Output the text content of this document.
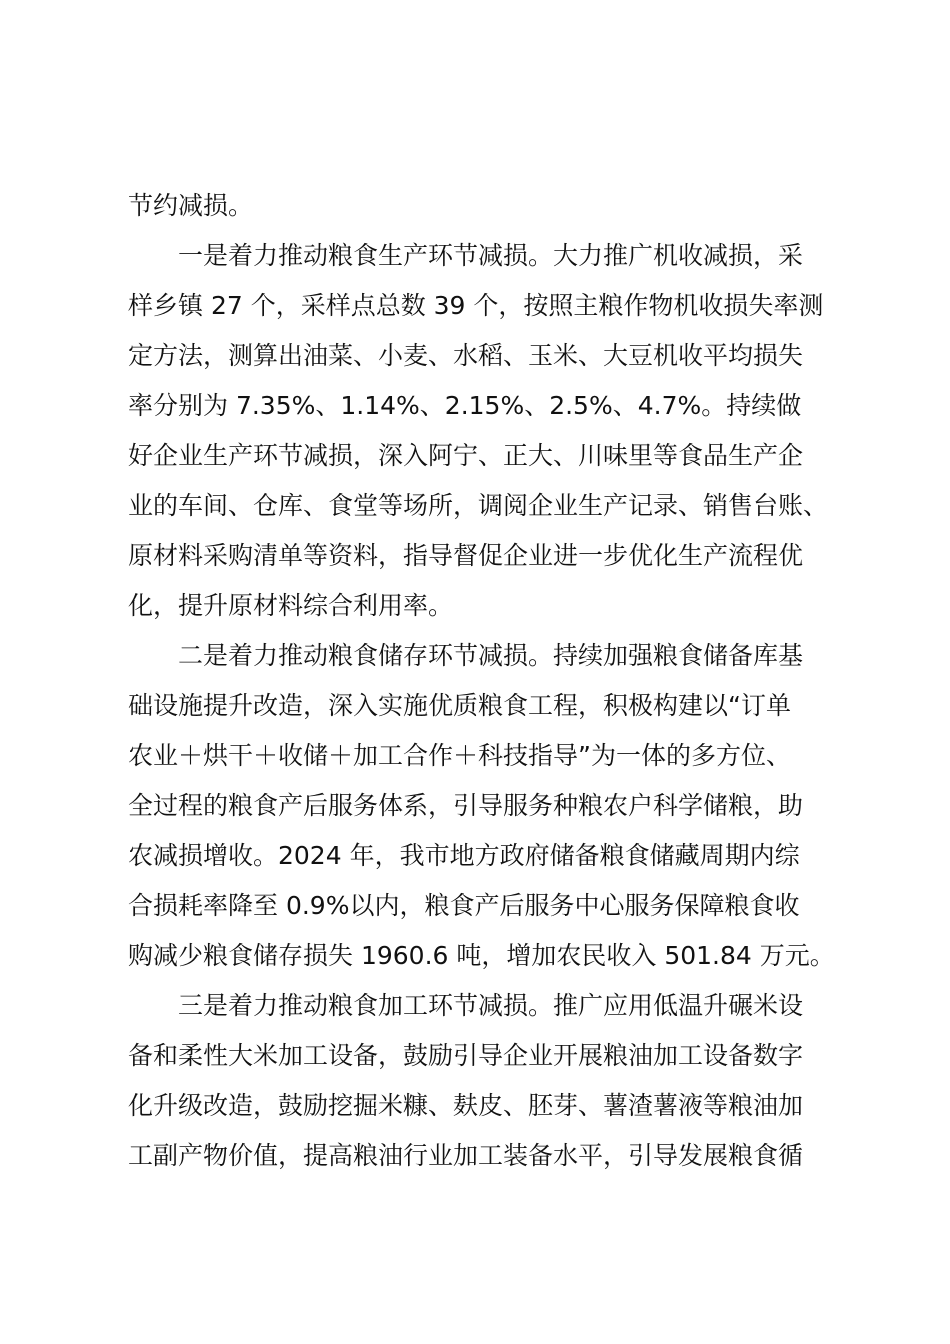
节约减损。
一是着力推动粮食生产环节减损。大力推广机收减损，采
样乡镇 27 个，采样点总数 39 个，按照主粮作物机收损失率测
定方法，测算出油菜、小麦、水稻、玉米、大豆机收平均损失
率分别为 7.35%、1.14%、2.15%、2.5%、4.7%。持续做
好企业生产环节减损，深入阿宁、正大、川味里等食品生产企
业的车间、仓库、食堂等场所，调阅企业生产记录、销售台账、
原材料采购清单等资料，指导督促企业进一步优化生产流程优
化，提升原材料综合利用率。
二是着力推动粮食储存环节减损。持续加强粮食储备库基
础设施提升改造，深入实施优质粮食工程，积极构建以“订单
农业＋烘干＋收储＋加工合作＋科技指导”为一体的多方位、
全过程的粮食产后服务体系，引导服务种粮农户科学储粮，助
农减损增收。2024 年，我市地方政府储备粮食储藏周期内综
合损耗率降至 0.9%以内，粮食产后服务中心服务保障粮食收
购减少粮食储存损失 1960.6 吨，增加农民收入 501.84 万元。
三是着力推动粮食加工环节减损。推广应用低温升碾米设
备和柔性大米加工设备，鼓励引导企业开展粮油加工设备数字
化升级改造，鼓励挖掘米糠、麸皮、胚芽、薯渣薯液等粮油加
工副产物价值，提高粮油行业加工装备水平，引导发展粮食循
